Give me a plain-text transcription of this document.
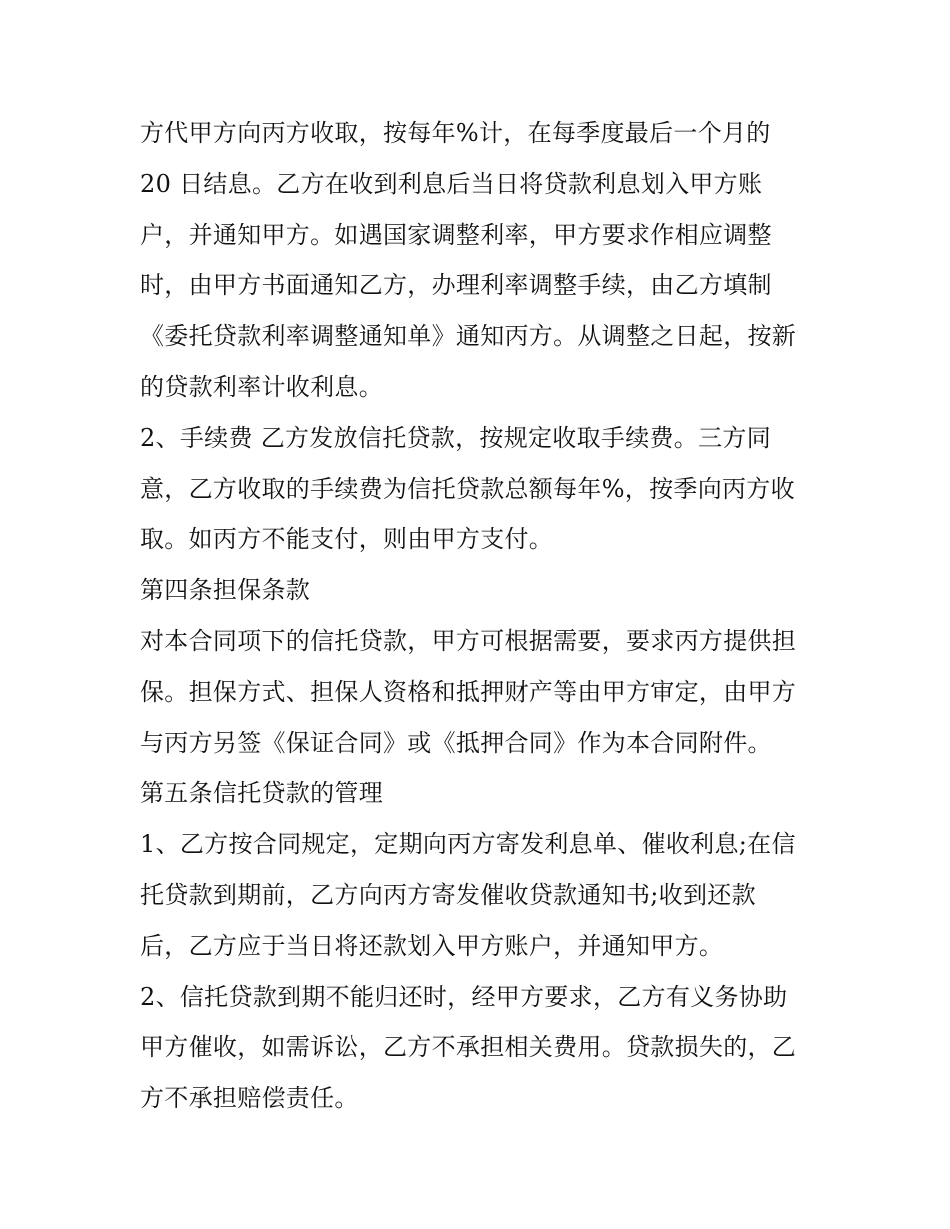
方代甲方向丙方收取，按每年%计，在每季度最后一个月的
20 日结息。乙方在收到利息后当日将贷款利息划入甲方账
户，并通知甲方。如遇国家调整利率，甲方要求作相应调整
时，由甲方书面通知乙方，办理利率调整手续，由乙方填制
《委托贷款利率调整通知单》通知丙方。从调整之日起，按新
的贷款利率计收利息。
2、手续费 乙方发放信托贷款，按规定收取手续费。三方同
意，乙方收取的手续费为信托贷款总额每年%，按季向丙方收
取。如丙方不能支付，则由甲方支付。
第四条担保条款
对本合同项下的信托贷款，甲方可根据需要，要求丙方提供担
保。担保方式、担保人资格和抵押财产等由甲方审定，由甲方
与丙方另签《保证合同》或《抵押合同》作为本合同附件。
第五条信托贷款的管理
1、乙方按合同规定，定期向丙方寄发利息单、催收利息;在信
托贷款到期前，乙方向丙方寄发催收贷款通知书;收到还款
后，乙方应于当日将还款划入甲方账户，并通知甲方。
2、信托贷款到期不能归还时，经甲方要求，乙方有义务协助
甲方催收，如需诉讼，乙方不承担相关费用。贷款损失的，乙
方不承担赔偿责任。
